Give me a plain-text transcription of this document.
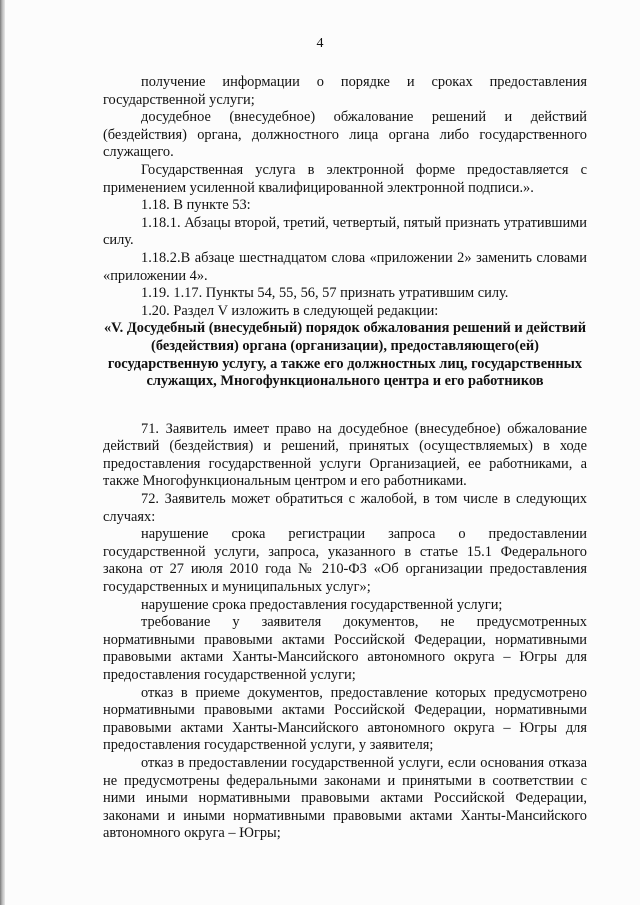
4

получение информации о порядке и сроках предоставления государственной услуги;

досудебное (внесудебное) обжалование решений и действий (бездействия) органа, должностного лица органа либо государственного служащего.

Государственная услуга в электронной форме предоставляется с применением усиленной квалифицированной электронной подписи.».

1.18. В пункте 53:

1.18.1. Абзацы второй, третий, четвертый, пятый признать утратившими силу.

1.18.2.В абзаце шестнадцатом слова «приложении 2» заменить словами «приложении 4».

1.19. 1.17. Пункты 54, 55, 56, 57 признать утратившим силу.

1.20. Раздел V изложить в следующей редакции:

«V. Досудебный (внесудебный) порядок обжалования решений и действий (бездействия) органа (организации), предоставляющего(ей) государственную услугу, а также его должностных лиц, государственных служащих, Многофункционального центра и его работников

71. Заявитель имеет право на досудебное (внесудебное) обжалование действий (бездействия) и решений, принятых (осуществляемых) в ходе предоставления государственной услуги Организацией, ее работниками, а также Многофункциональным центром и его работниками.

72. Заявитель может обратиться с жалобой, в том числе в следующих случаях:

нарушение срока регистрации запроса о предоставлении государственной услуги, запроса, указанного в статье 15.1 Федерального закона от 27 июля 2010 года № 210-ФЗ «Об организации предоставления государственных и муниципальных услуг»;

нарушение срока предоставления государственной услуги;

требование у заявителя документов, не предусмотренных нормативными правовыми актами Российской Федерации, нормативными правовыми актами Ханты-Мансийского автономного округа – Югры для предоставления государственной услуги;

отказ в приеме документов, предоставление которых предусмотрено нормативными правовыми актами Российской Федерации, нормативными правовыми актами Ханты-Мансийского автономного округа – Югры для предоставления государственной услуги, у заявителя;

отказ в предоставлении государственной услуги, если основания отказа не предусмотрены федеральными законами и принятыми в соответствии с ними иными нормативными правовыми актами Российской Федерации, законами и иными нормативными правовыми актами Ханты-Мансийского автономного округа – Югры;
